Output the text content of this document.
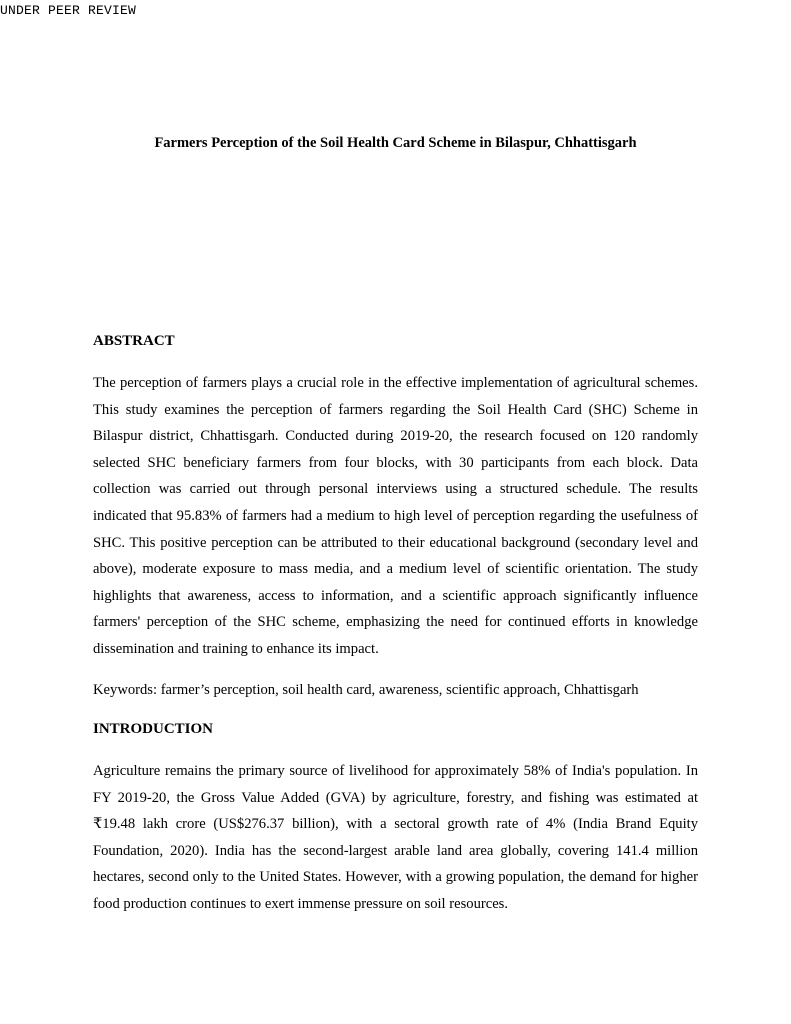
UNDER PEER REVIEW
Farmers Perception of the Soil Health Card Scheme in Bilaspur, Chhattisgarh
ABSTRACT

The perception of farmers plays a crucial role in the effective implementation of agricultural schemes. This study examines the perception of farmers regarding the Soil Health Card (SHC) Scheme in Bilaspur district, Chhattisgarh. Conducted during 2019-20, the research focused on 120 randomly selected SHC beneficiary farmers from four blocks, with 30 participants from each block. Data collection was carried out through personal interviews using a structured schedule. The results indicated that 95.83% of farmers had a medium to high level of perception regarding the usefulness of SHC. This positive perception can be attributed to their educational background (secondary level and above), moderate exposure to mass media, and a medium level of scientific orientation. The study highlights that awareness, access to information, and a scientific approach significantly influence farmers' perception of the SHC scheme, emphasizing the need for continued efforts in knowledge dissemination and training to enhance its impact.

Keywords: farmer’s perception, soil health card, awareness, scientific approach, Chhattisgarh
INTRODUCTION

Agriculture remains the primary source of livelihood for approximately 58% of India's population. In FY 2019-20, the Gross Value Added (GVA) by agriculture, forestry, and fishing was estimated at ₹19.48 lakh crore (US$276.37 billion), with a sectoral growth rate of 4% (India Brand Equity Foundation, 2020). India has the second-largest arable land area globally, covering 141.4 million hectares, second only to the United States. However, with a growing population, the demand for higher food production continues to exert immense pressure on soil resources.
